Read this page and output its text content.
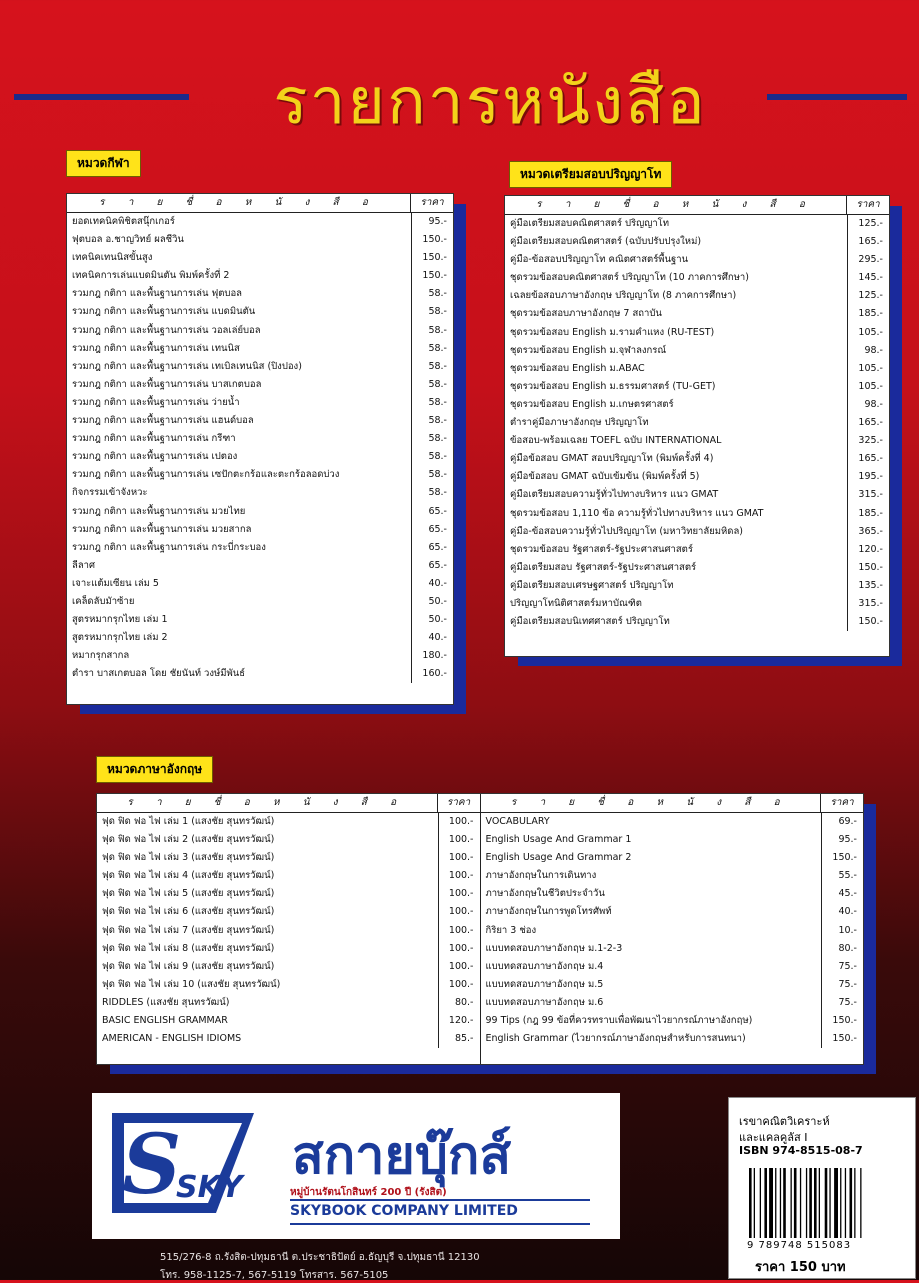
รายการหนังสือ
หมวดกีฬา
ร า ย ชื่ อ ห นั ง สื อ	ราคา
ยอดเทคนิคพิชิตสนุ๊กเกอร์	95.-
ฟุตบอล อ.ชาญวิทย์ ผลชีวิน	150.-
เทคนิคเทนนิสขั้นสูง	150.-
เทคนิคการเล่นแบดมินตัน พิมพ์ครั้งที่ 2	150.-
รวมกฎ กติกา และพื้นฐานการเล่น ฟุตบอล	58.-
รวมกฎ กติกา และพื้นฐานการเล่น แบดมินตัน	58.-
รวมกฎ กติกา และพื้นฐานการเล่น วอลเล่ย์บอล	58.-
รวมกฎ กติกา และพื้นฐานการเล่น เทนนิส	58.-
รวมกฎ กติกา และพื้นฐานการเล่น เทเบิลเทนนิส (ปิงปอง)	58.-
รวมกฎ กติกา และพื้นฐานการเล่น บาสเกตบอล	58.-
รวมกฎ กติกา และพื้นฐานการเล่น ว่ายน้ำ	58.-
รวมกฎ กติกา และพื้นฐานการเล่น แฮนด์บอล	58.-
รวมกฎ กติกา และพื้นฐานการเล่น กรีฑา	58.-
รวมกฎ กติกา และพื้นฐานการเล่น เปตอง	58.-
รวมกฎ กติกา และพื้นฐานการเล่น เซปักตะกร้อและตะกร้อลอดบ่วง	58.-
กิจกรรมเข้าจังหวะ	58.-
รวมกฎ กติกา และพื้นฐานการเล่น มวยไทย	65.-
รวมกฎ กติกา และพื้นฐานการเล่น มวยสากล	65.-
รวมกฎ กติกา และพื้นฐานการเล่น กระบี่กระบอง	65.-
ลีลาศ	65.-
เจาะแต้มเซียน เล่ม 5	40.-
เคล็ดลับมัาซ้าย	50.-
สูตรหมากรุกไทย เล่ม 1	50.-
สูตรหมากรุกไทย เล่ม 2	40.-
หมากรุกสากล	180.-
ตำรา บาสเกตบอล โดย ชัยนันท์ วงษ์มีพันธ์	160.-
หมวดเตรียมสอบปริญญาโท
ร า ย ชื่ อ ห นั ง สื อ	ราคา
คู่มือเตรียมสอบคณิตศาสตร์ ปริญญาโท	125.-
คู่มือเตรียมสอบคณิตศาสตร์ (ฉบับปรับปรุงใหม่)	165.-
คู่มือ-ข้อสอบปริญญาโท คณิตศาสตร์พื้นฐาน	295.-
ชุดรวมข้อสอบคณิตศาสตร์ ปริญญาโท (10 ภาคการศึกษา)	145.-
เฉลยข้อสอบภาษาอังกฤษ ปริญญาโท (8 ภาคการศึกษา)	125.-
ชุดรวมข้อสอบภาษาอังกฤษ 7 สถาบัน	185.-
ชุดรวมข้อสอบ English ม.รามคำแหง (RU-TEST)	105.-
ชุดรวมข้อสอบ English ม.จุฬาลงกรณ์	98.-
ชุดรวมข้อสอบ English ม.ABAC	105.-
ชุดรวมข้อสอบ English ม.ธรรมศาสตร์ (TU-GET)	105.-
ชุดรวมข้อสอบ English ม.เกษตรศาสตร์	98.-
ตำราคู่มือภาษาอังกฤษ ปริญญาโท	165.-
ข้อสอบ-พร้อมเฉลย TOEFL ฉบับ INTERNATIONAL	325.-
คู่มือข้อสอบ GMAT สอบปริญญาโท (พิมพ์ครั้งที่ 4)	165.-
คู่มือข้อสอบ GMAT ฉบับเข้มข้น (พิมพ์ครั้งที่ 5)	195.-
คู่มือเตรียมสอบความรู้ทั่วไปทางบริหาร แนว GMAT	315.-
ชุดรวมข้อสอบ 1,110 ข้อ ความรู้ทั่วไปทางบริหาร แนว GMAT	185.-
คู่มือ-ข้อสอบความรู้ทั่วไปปริญญาโท (มหาวิทยาลัยมหิดล)	365.-
ชุดรวมข้อสอบ รัฐศาสตร์-รัฐประศาสนศาสตร์	120.-
คู่มือเตรียมสอบ รัฐศาสตร์-รัฐประศาสนศาสตร์	150.-
คู่มือเตรียมสอบเศรษฐศาสตร์ ปริญญาโท	135.-
ปริญญาโทนิติศาสตร์มหาบัณฑิต	315.-
คู่มือเตรียมสอบนิเทศศาสตร์ ปริญญาโท	150.-
หมวดภาษาอังกฤษ
ร า ย ชื่ อ ห นั ง สื อ	ราคา
ฟุด ฟิด ฟอ ไฟ เล่ม 1 (แสงชัย สุนทรวัฒน์)	100.-
ฟุด ฟิด ฟอ ไฟ เล่ม 2 (แสงชัย สุนทรวัฒน์)	100.-
ฟุด ฟิด ฟอ ไฟ เล่ม 3 (แสงชัย สุนทรวัฒน์)	100.-
ฟุด ฟิด ฟอ ไฟ เล่ม 4 (แสงชัย สุนทรวัฒน์)	100.-
ฟุด ฟิด ฟอ ไฟ เล่ม 5 (แสงชัย สุนทรวัฒน์)	100.-
ฟุด ฟิด ฟอ ไฟ เล่ม 6 (แสงชัย สุนทรวัฒน์)	100.-
ฟุด ฟิด ฟอ ไฟ เล่ม 7 (แสงชัย สุนทรวัฒน์)	100.-
ฟุด ฟิด ฟอ ไฟ เล่ม 8 (แสงชัย สุนทรวัฒน์)	100.-
ฟุด ฟิด ฟอ ไฟ เล่ม 9 (แสงชัย สุนทรวัฒน์)	100.-
ฟุด ฟิด ฟอ ไฟ เล่ม 10 (แสงชัย สุนทรวัฒน์)	100.-
RIDDLES (แสงชัย สุนทรวัฒน์)	80.-
BASIC ENGLISH GRAMMAR	120.-
AMERICAN - ENGLISH IDIOMS	85.-
ร า ย ชื่ อ ห นั ง สื อ	ราคา
VOCABULARY	69.-
English Usage And Grammar 1	95.-
English Usage And Grammar 2	150.-
ภาษาอังกฤษในการเดินทาง	55.-
ภาษาอังกฤษในชีวิตประจำวัน	45.-
ภาษาอังกฤษในการพูดโทรศัพท์	40.-
กิริยา 3 ช่อง	10.-
แบบทดสอบภาษาอังกฤษ ม.1-2-3	80.-
แบบทดสอบภาษาอังกฤษ ม.4	75.-
แบบทดสอบภาษาอังกฤษ ม.5	75.-
แบบทดสอบภาษาอังกฤษ ม.6	75.-
99 Tips (กฎ 99 ข้อที่ควรทราบเพื่อพัฒนาไวยากรณ์ภาษาอังกฤษ)	150.-
English Grammar (ไวยากรณ์ภาษาอังกฤษสำหรับการสนทนา)	150.-
S
SKY
สกายบุ๊กส์
หมู่บ้านรัตนโกสินทร์ 200 ปี (รังสิต)
SKYBOOK COMPANY LIMITED
เรขาคณิตวิเคราะห์
และแคลคูลัส I
ISBN 974-8515-08-7
9 789748 515083
ราคา 150 บาท
515/276-8 ถ.รังสิต-ปทุมธานี ต.ประชาธิปัตย์ อ.ธัญบุรี จ.ปทุมธานี 12130
โทร. 958-1125-7, 567-5119 โทรสาร. 567-5105
